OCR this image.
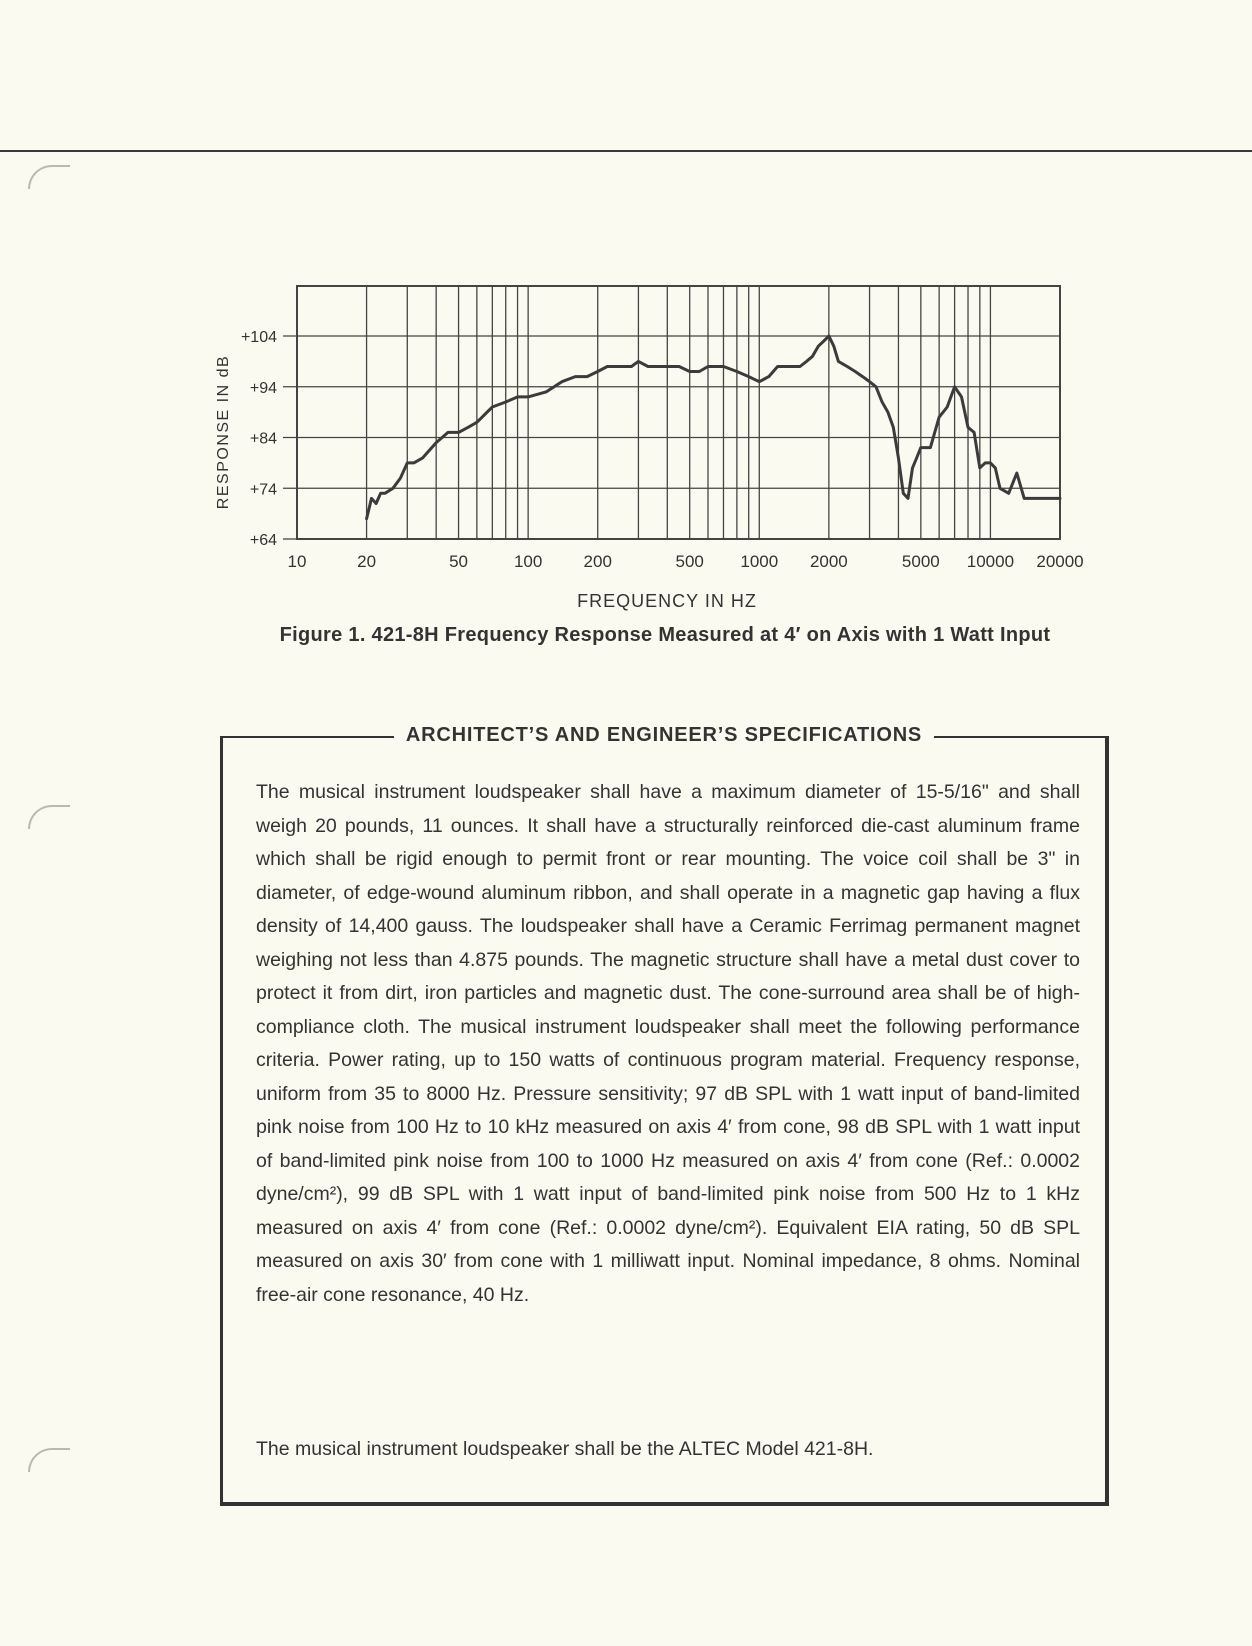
+104
+94
+84
+74
+64
10	20	50	100 200	500 1000 2000	5000 10000 20000
RESPONSE IN dB
FREQUENCY IN HZ
Figure 1. 421-8H Frequency Response Measured at 4′ on Axis with 1 Watt Input
ARCHITECT’S AND ENGINEER’S SPECIFICATIONS

The musical instrument loudspeaker shall have a maximum diameter of 15-5/16" and shall weigh 20 pounds, 11 ounces. It shall have a structurally reinforced die-cast aluminum frame which shall be rigid enough to permit front or rear mounting. The voice coil shall be 3" in diameter, of edge-wound aluminum ribbon, and shall operate in a magnetic gap having a flux density of 14,400 gauss. The loudspeaker shall have a Ceramic Ferrimag permanent magnet weighing not less than 4.875 pounds. The magnetic structure shall have a metal dust cover to protect it from dirt, iron particles and magnetic dust. The cone-surround area shall be of high-compliance cloth. The musical instrument loudspeaker shall meet the following performance criteria. Power rating, up to 150 watts of continuous program material. Frequency response, uniform from 35 to 8000 Hz. Pressure sensitivity; 97 dB SPL with 1 watt input of band-limited pink noise from 100 Hz to 10 kHz measured on axis 4′ from cone, 98 dB SPL with 1 watt input of band-limited pink noise from 100 to 1000 Hz measured on axis 4′ from cone (Ref.: 0.0002 dyne/cm²), 99 dB SPL with 1 watt input of band-limited pink noise from 500 Hz to 1 kHz measured on axis 4′ from cone (Ref.: 0.0002 dyne/cm²). Equivalent EIA rating, 50 dB SPL measured on axis 30′ from cone with 1 milliwatt input. Nominal impedance, 8 ohms. Nominal free-air cone resonance, 40 Hz.

The musical instrument loudspeaker shall be the ALTEC Model 421-8H.
